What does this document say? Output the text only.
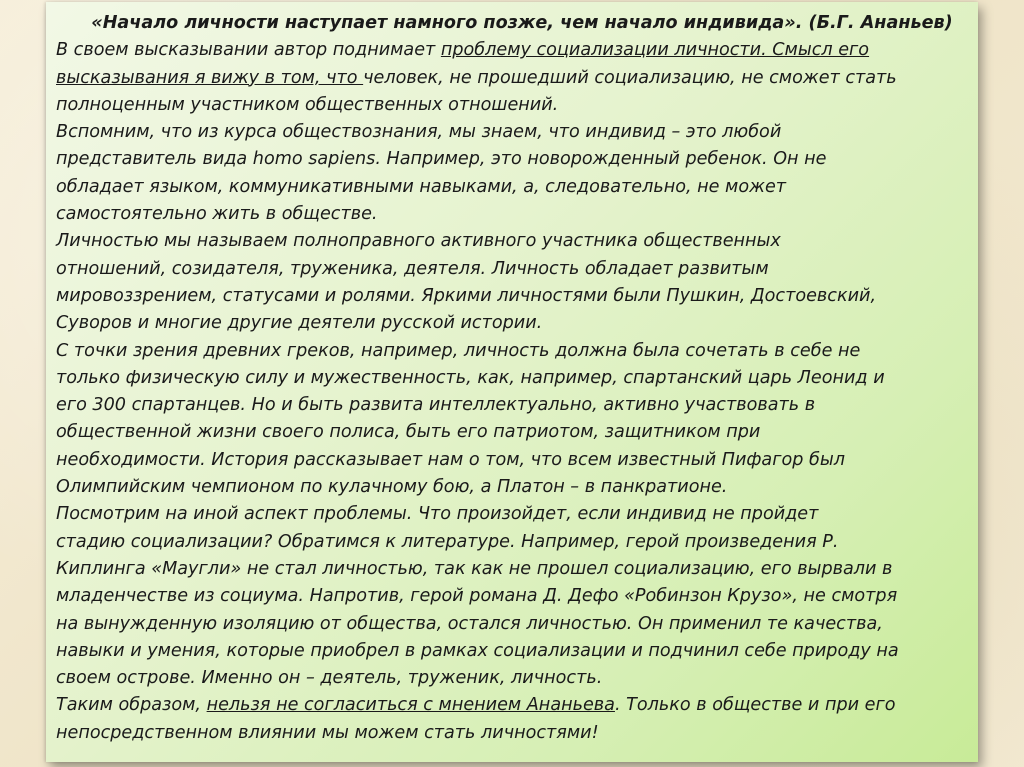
«Начало личности наступает намного позже, чем начало индивида». (Б.Г. Ананьев)

В своем высказывании автор поднимает проблему социализации личности. Смысл его

высказывания я вижу в том, что человек, не прошедший социализацию, не сможет стать

полноценным участником общественных отношений.

Вспомним, что из курса обществознания, мы знаем, что индивид – это любой

представитель вида homo sapiens. Например, это новорожденный ребенок. Он не

обладает языком, коммуникативными навыками, а, следовательно, не может

самостоятельно жить в обществе.

Личностью мы называем полноправного активного участника общественных

отношений, созидателя, труженика, деятеля. Личность обладает развитым

мировоззрением, статусами и ролями. Яркими личностями были Пушкин, Достоевский,

Суворов и многие другие деятели русской истории.

С точки зрения древних греков, например, личность должна была сочетать в себе не

только физическую силу и мужественность, как, например, спартанский царь Леонид и

его 300 спартанцев. Но и быть развита интеллектуально, активно участвовать в

общественной жизни своего полиса, быть его патриотом, защитником при

необходимости. История рассказывает нам о том, что всем известный Пифагор был

Олимпийским чемпионом по кулачному бою, а Платон – в панкратионе.

Посмотрим на иной аспект проблемы. Что произойдет, если индивид не пройдет

стадию социализации? Обратимся к литературе. Например, герой произведения Р.

Киплинга «Маугли» не стал личностью, так как не прошел социализацию, его вырвали в

младенчестве из социума. Напротив, герой романа Д. Дефо «Робинзон Крузо», не смотря

на вынужденную изоляцию от общества, остался личностью. Он применил те качества,

навыки и умения, которые приобрел в рамках социализации и подчинил себе природу на

своем острове. Именно он – деятель, труженик, личность.

Таким образом, нельзя не согласиться с мнением Ананьева. Только в обществе и при его

непосредственном влиянии мы можем стать личностями!
